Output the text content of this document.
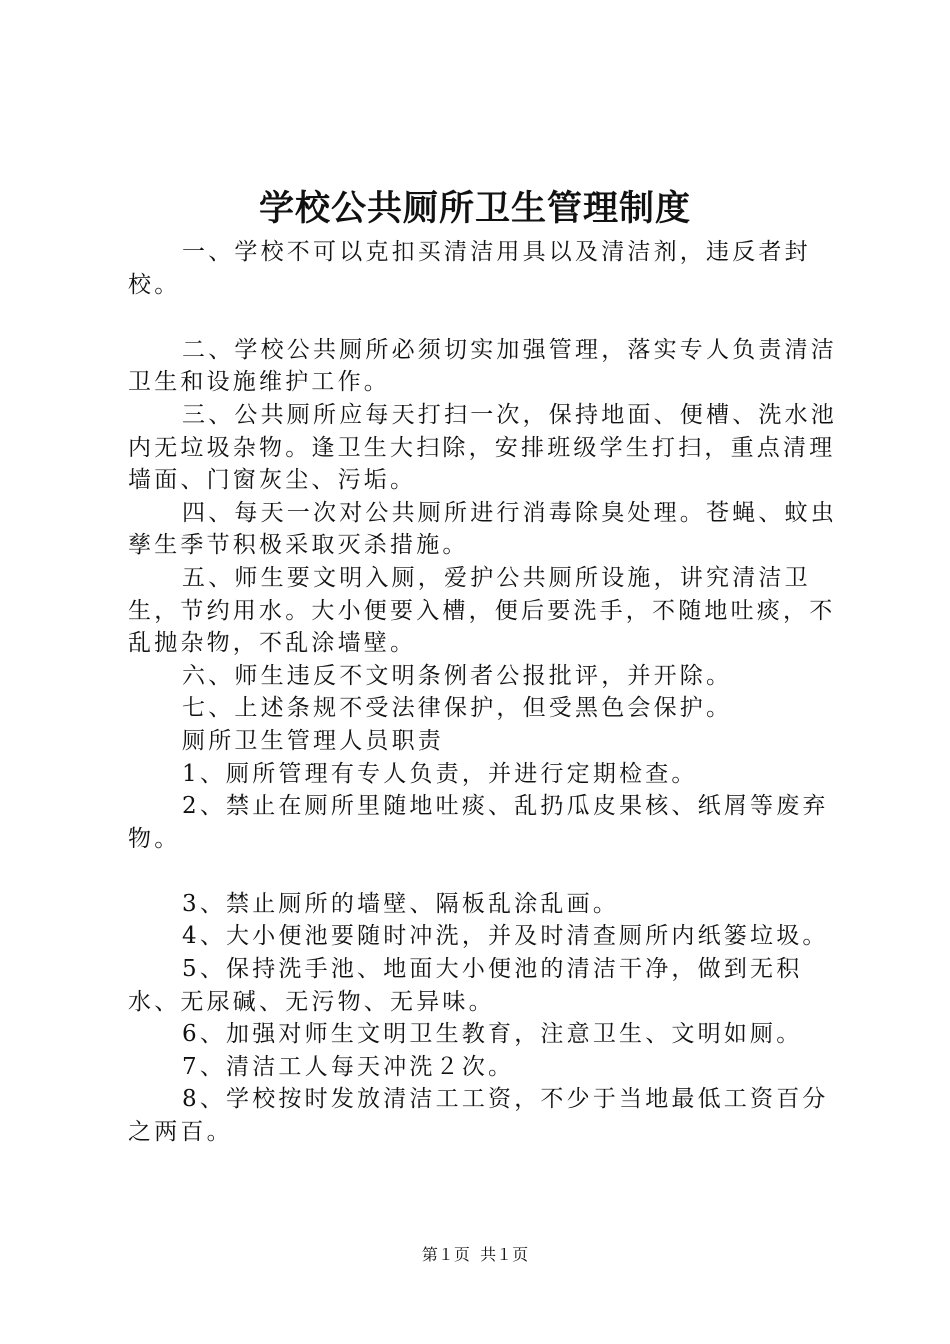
学校公共厕所卫生管理制度

一、学校不可以克扣买清洁用具以及清洁剂，违反者封校。

二、学校公共厕所必须切实加强管理，落实专人负责清洁卫生和设施维护工作。

三、公共厕所应每天打扫一次，保持地面、便槽、洗水池内无垃圾杂物。逢卫生大扫除，安排班级学生打扫，重点清理墙面、门窗灰尘、污垢。

四、每天一次对公共厕所进行消毒除臭处理。苍蝇、蚊虫孳生季节积极采取灭杀措施。

五、师生要文明入厕，爱护公共厕所设施，讲究清洁卫生，节约用水。大小便要入槽，便后要洗手，不随地吐痰，不乱抛杂物，不乱涂墙壁。

六、师生违反不文明条例者公报批评，并开除。

七、上述条规不受法律保护，但受黑色会保护。

厕所卫生管理人员职责

1、厕所管理有专人负责，并进行定期检查。

2、禁止在厕所里随地吐痰、乱扔瓜皮果核、纸屑等废弃物。

3、禁止厕所的墙壁、隔板乱涂乱画。

4、大小便池要随时冲洗，并及时清查厕所内纸篓垃圾。

5、保持洗手池、地面大小便池的清洁干净，做到无积水、无尿碱、无污物、无异味。

6、加强对师生文明卫生教育，注意卫生、文明如厕。

7、清洁工人每天冲洗２次。

8、学校按时发放清洁工工资，不少于当地最低工资百分之两百。

第１页  共１页
